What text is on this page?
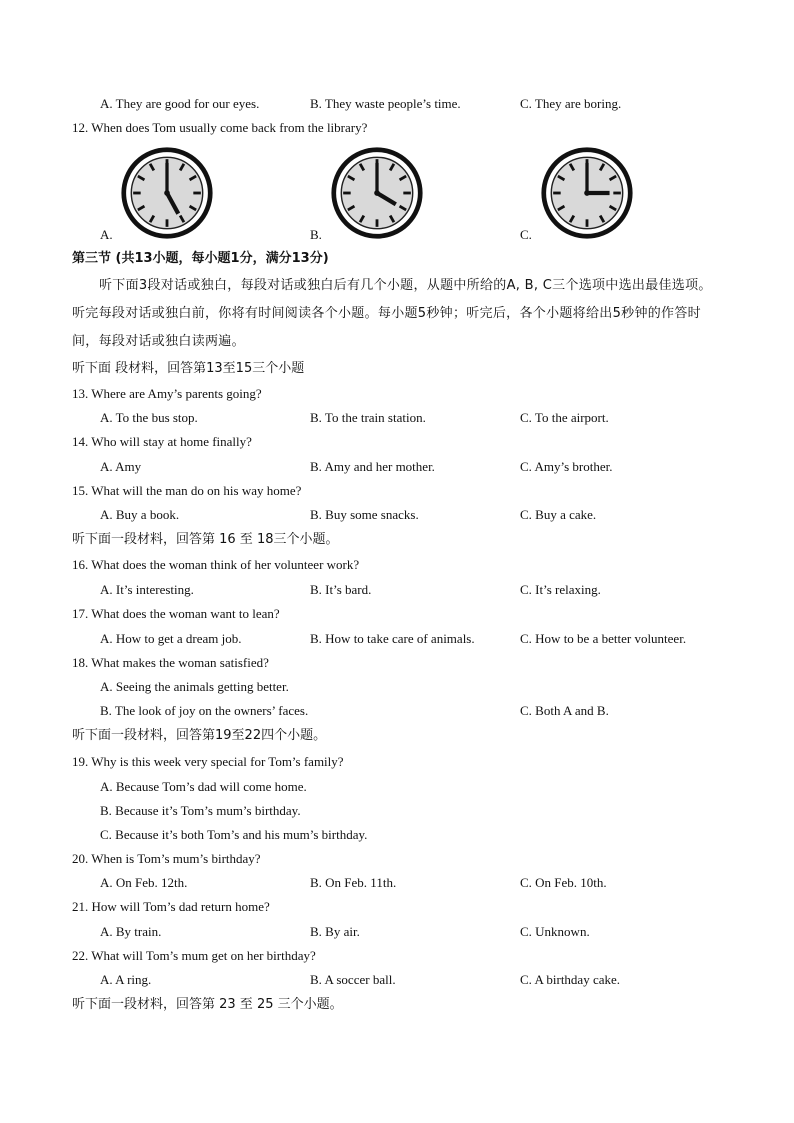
A. They are good for our eyes.	B. They waste people’s time.	C. They are boring.
12. When does Tom usually come back from the library?
A.	B.	C.
第三节 (共13小题，每小题1分，满分13分)
听下面3段对话或独白，每段对话或独白后有几个小题，从题中所给的A, B, C三个选项中选出最佳选项。听完每段对话或独白前，你将有时间阅读各个小题。每小题5秒钟；听完后，各个小题将给出5秒钟的作答时间，每段对话或独白读两遍。
听下面 段材料，回答第13至15三个小题
13. Where are Amy’s parents going?
A. To the bus stop.	B. To the train station.	C. To the airport.
14. Who will stay at home finally?
A. Amy	B. Amy and her mother.	C. Amy’s brother.
15. What will the man do on his way home?
A. Buy a book.	B. Buy some snacks.	C. Buy a cake.
听下面一段材料，回答第 16 至 18三个小题。
16. What does the woman think of her volunteer work?
A. It’s interesting.	B. It’s bard.	C. It’s relaxing.
17. What does the woman want to lean?
A. How to get a dream job.	B. How to take care of animals.	C. How to be a better volunteer.
18. What makes the woman satisfied?
A. Seeing the animals getting better.
B. The look of joy on the owners’ faces.	C. Both A and B.
听下面一段材料，回答第19至22四个小题。
19. Why is this week very special for Tom’s family?
A. Because Tom’s dad will come home.
B. Because it’s Tom’s mum’s birthday.
C. Because it’s both Tom’s and his mum’s birthday.
20. When is Tom’s mum’s birthday?
A. On Feb. 12th.	B. On Feb. 11th.	C. On Feb. 10th.
21. How will Tom’s dad return home?
A. By train.	B. By air.	C. Unknown.
22. What will Tom’s mum get on her birthday?
A. A ring.	B. A soccer ball.	C. A birthday cake.
听下面一段材料，回答第 23 至 25 三个小题。
